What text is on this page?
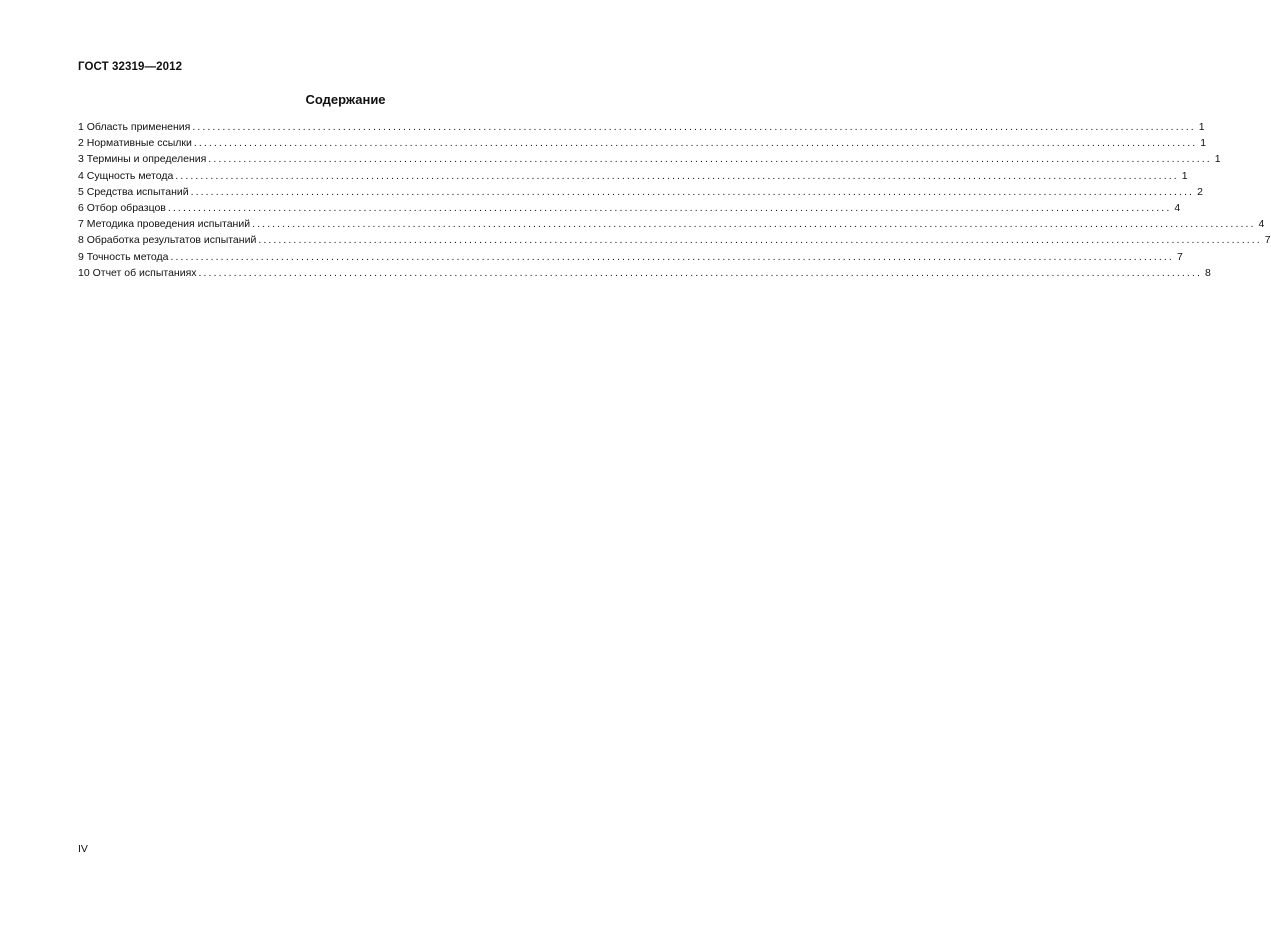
ГОСТ 32319—2012
Содержание
1 Область применения ........................................................................................................................................................................................................ 1
2 Нормативные ссылки ........................................................................................................................................................................................................ 1
3 Термины и определения ........................................................................................................................................................................................................ 1
4 Сущность метода ........................................................................................................................................................................................................ 1
5 Средства испытаний ........................................................................................................................................................................................................ 2
6 Отбор образцов ........................................................................................................................................................................................................ 4
7 Методика проведения испытаний ........................................................................................................................................................................................................ 4
8 Обработка результатов испытаний ........................................................................................................................................................................................................ 7
9 Точность метода ........................................................................................................................................................................................................ 7
10 Отчет об испытаниях ........................................................................................................................................................................................................ 8
IV
